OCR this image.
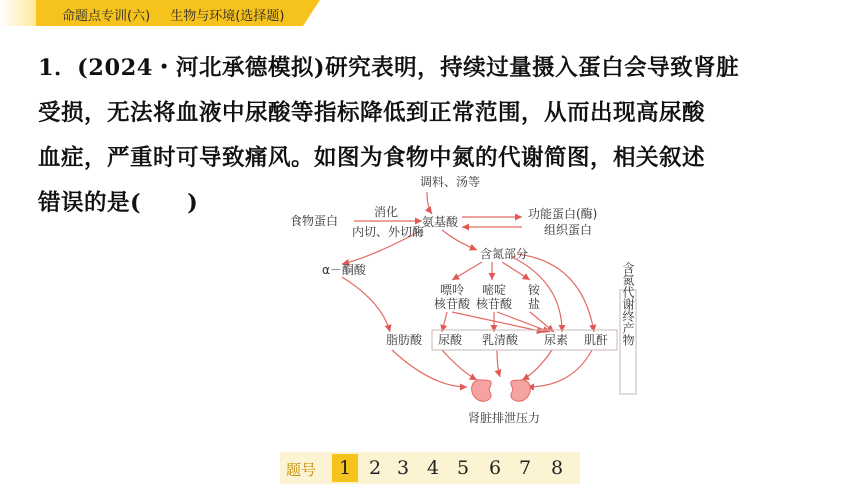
命题点专训(六) 生物与环境(选择题)
1．(2024・河北承德模拟)研究表明，持续过量摄入蛋白会导致肾脏
受损，无法将血液中尿酸等指标降低到正常范围，从而出现高尿酸
血症，严重时可导致痛风。如图为食物中氮的代谢简图，相关叙述
错误的是(　　)
调料、汤等
食物蛋白
消化
内切、外切酶
氨基酸
功能蛋白(酶)
组织蛋白
含氮部分
α－酮酸
嘌呤
核苷酸
嘧啶
核苷酸
铵
盐
脂肪酸 尿酸 乳清酸 尿素 肌酐 含氮代谢终产物
肾脏排泄压力
题号	1 2 3 4 5	6 7	8
